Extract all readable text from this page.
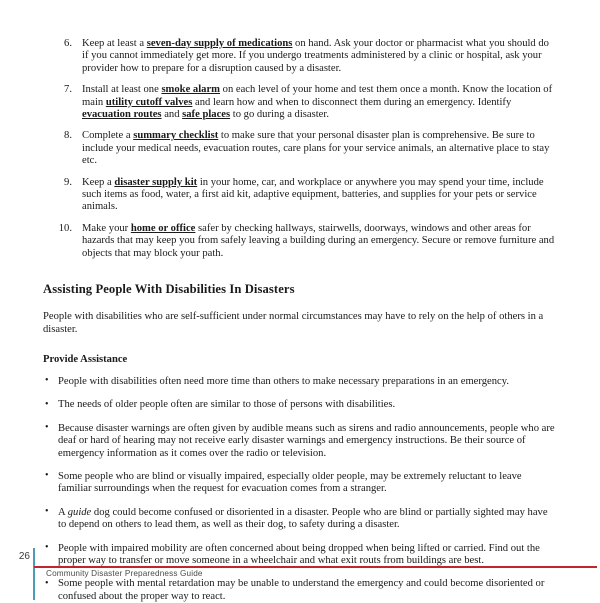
6. Keep at least a seven-day supply of medications on hand. Ask your doctor or pharmacist what you should do if you cannot immediately get more. If you undergo treatments administered by a clinic or hospital, ask your provider how to prepare for a disruption caused by a disaster.
7. Install at least one smoke alarm on each level of your home and test them once a month. Know the location of main utility cutoff valves and learn how and when to disconnect them during an emergency. Identify evacuation routes and safe places to go during a disaster.
8. Complete a summary checklist to make sure that your personal disaster plan is comprehensive. Be sure to include your medical needs, evacuation routes, care plans for your service animals, an alternative place to stay etc.
9. Keep a disaster supply kit in your home, car, and workplace or anywhere you may spend your time, include such items as food, water, a first aid kit, adaptive equipment, batteries, and supplies for your pets or service animals.
10. Make your home or office safer by checking hallways, stairwells, doorways, windows and other areas for hazards that may keep you from safely leaving a building during an emergency. Secure or remove furniture and objects that may block your path.
Assisting People With Disabilities In Disasters

People with disabilities who are self-sufficient under normal circumstances may have to rely on the help of others in a disaster.

Provide Assistance
• People with disabilities often need more time than others to make necessary preparations in an emergency.
• The needs of older people often are similar to those of persons with disabilities.
• Because disaster warnings are often given by audible means such as sirens and radio announcements, people who are deaf or hard of hearing may not receive early disaster warnings and emergency instructions. Be their source of emergency information as it comes over the radio or television.
• Some people who are blind or visually impaired, especially older people, may be extremely reluctant to leave familiar surroundings when the request for evacuation comes from a stranger.
• A guide dog could become confused or disoriented in a disaster. People who are blind or partially sighted may have to depend on others to lead them, as well as their dog, to safety during a disaster.
• People with impaired mobility are often concerned about being dropped when being lifted or carried. Find out the proper way to transfer or move someone in a wheelchair and what exit routs from buildings are best.
• Some people with mental retardation may be unable to understand the emergency and could become disoriented or confused about the proper way to react.
26
Community Disaster Preparedness Guide
